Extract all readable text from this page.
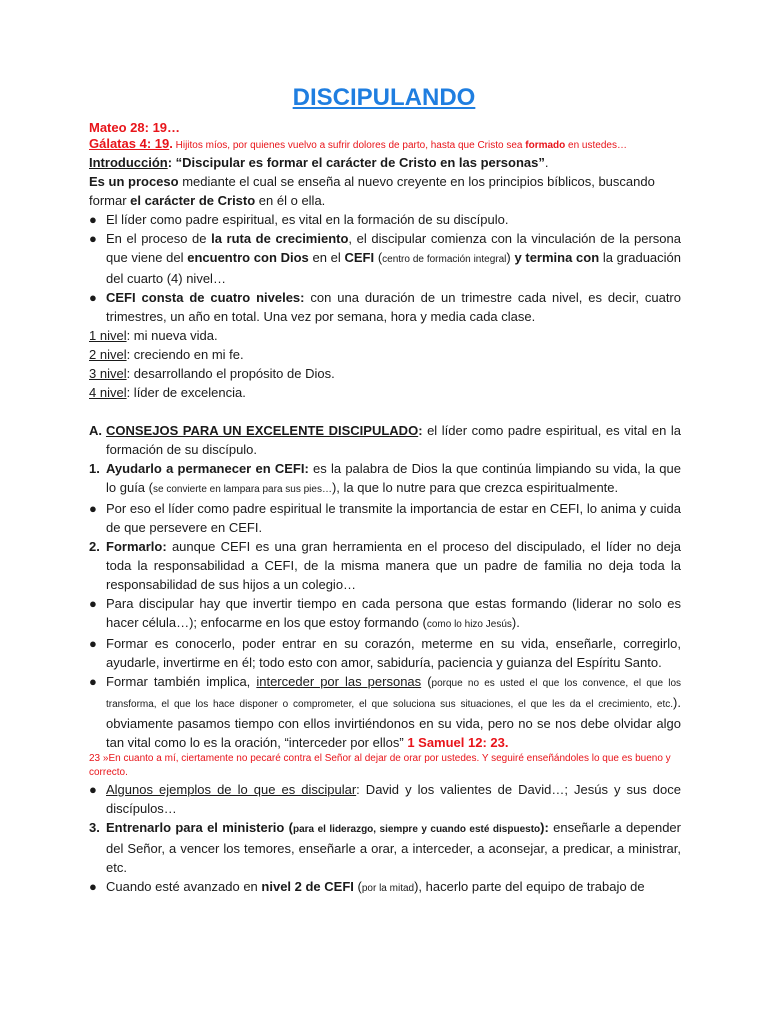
DISCIPULANDO

Mateo 28: 19…

Gálatas 4: 19. Hijitos míos, por quienes vuelvo a sufrir dolores de parto, hasta que Cristo sea formado en ustedes…

Introducción: “Discipular es formar el carácter de Cristo en las personas”.

Es un proceso mediante el cual se enseña al nuevo creyente en los principios bíblicos, buscando formar el carácter de Cristo en él o ella.

● El líder como padre espiritual, es vital en la formación de su discípulo.
● En el proceso de la ruta de crecimiento, el discipular comienza con la vinculación de la persona que viene del encuentro con Dios en el CEFI (centro de formación integral) y termina con la graduación del cuarto (4) nivel…
● CEFI consta de cuatro niveles: con una duración de un trimestre cada nivel, es decir, cuatro trimestres, un año en total. Una vez por semana, hora y media cada clase.

1 nivel: mi nueva vida.

2 nivel: creciendo en mi fe.

3 nivel: desarrollando el propósito de Dios.

4 nivel: líder de excelencia.

A. CONSEJOS PARA UN EXCELENTE DISCIPULADO: el líder como padre espiritual, es vital en la formación de su discípulo.
1. Ayudarlo a permanecer en CEFI: es la palabra de Dios la que continúa limpiando su vida, la que lo guía (se convierte en lampara para sus pies…), la que lo nutre para que crezca espiritualmente.
● Por eso el líder como padre espiritual le transmite la importancia de estar en CEFI, lo anima y cuida de que persevere en CEFI.
2. Formarlo: aunque CEFI es una gran herramienta en el proceso del discipulado, el líder no deja toda la responsabilidad a CEFI, de la misma manera que un padre de familia no deja toda la responsabilidad de sus hijos a un colegio…
● Para discipular hay que invertir tiempo en cada persona que estas formando (liderar no solo es hacer célula…); enfocarme en los que estoy formando (como lo hizo Jesús).
● Formar es conocerlo, poder entrar en su corazón, meterme en su vida, enseñarle, corregirlo, ayudarle, invertirme en él; todo esto con amor, sabiduría, paciencia y guianza del Espíritu Santo.
● Formar también implica, interceder por las personas (porque no es usted el que los convence, el que los transforma, el que los hace disponer o comprometer, el que soluciona sus situaciones, el que les da el crecimiento, etc.). obviamente pasamos tiempo con ellos invirtiéndonos en su vida, pero no se nos debe olvidar algo tan vital como lo es la oración, “interceder por ellos” 1 Samuel 12: 23.

23 »En cuanto a mí, ciertamente no pecaré contra el Señor al dejar de orar por ustedes. Y seguiré enseñándoles lo que es bueno y correcto.

● Algunos ejemplos de lo que es discipular: David y los valientes de David…; Jesús y sus doce discípulos…
3. Entrenarlo para el ministerio (para el liderazgo, siempre y cuando esté dispuesto): enseñarle a depender del Señor, a vencer los temores, enseñarle a orar, a interceder, a aconsejar, a predicar, a ministrar, etc.
● Cuando esté avanzado en nivel 2 de CEFI (por la mitad), hacerlo parte del equipo de trabajo de
